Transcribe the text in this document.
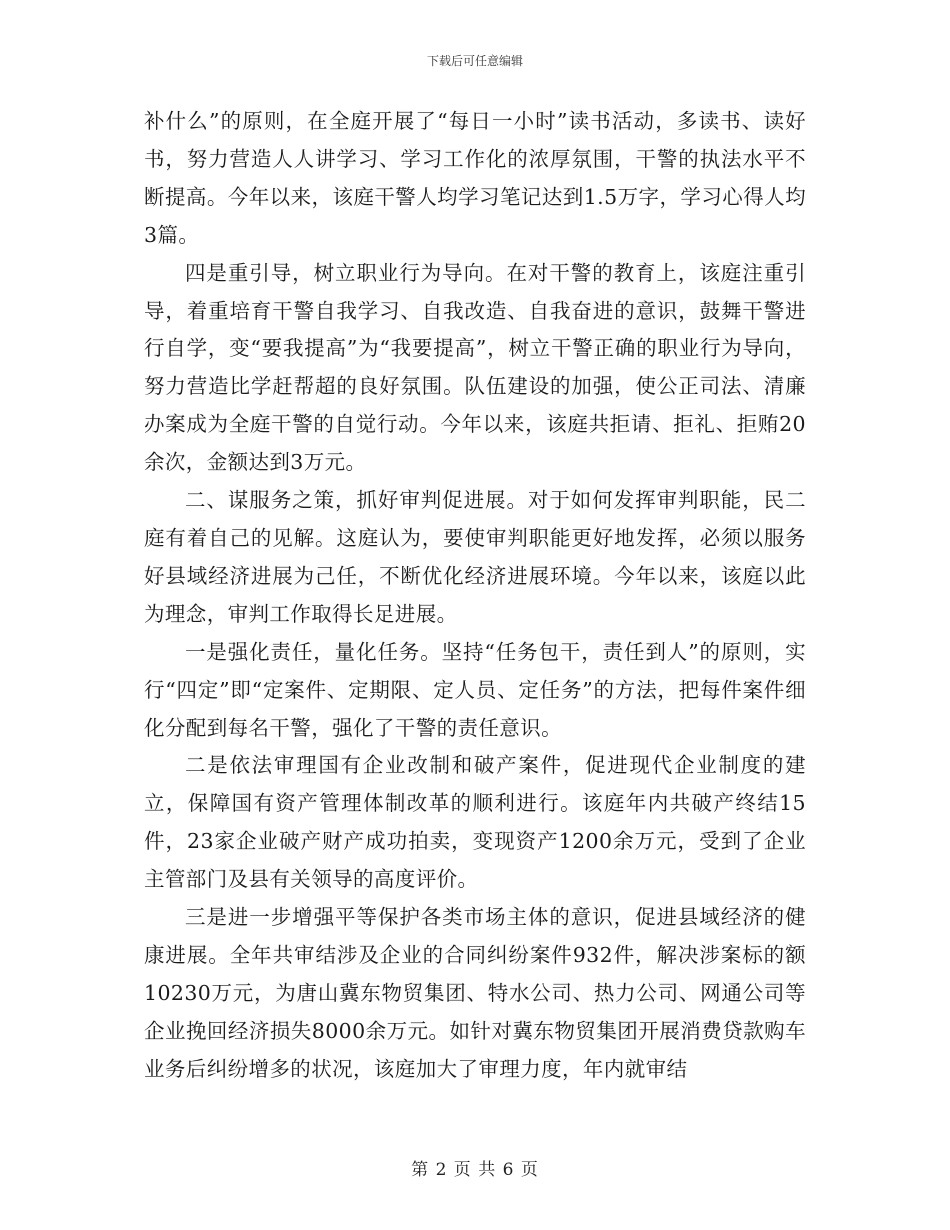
下载后可任意编辑

补什么”的原则，在全庭开展了“每日一小时”读书活动，多读书、读好书，努力营造人人讲学习、学习工作化的浓厚氛围，干警的执法水平不断提高。今年以来，该庭干警人均学习笔记达到1.5万字，学习心得人均3篇。

四是重引导，树立职业行为导向。在对干警的教育上，该庭注重引导，着重培育干警自我学习、自我改造、自我奋进的意识，鼓舞干警进行自学，变“要我提高”为“我要提高”，树立干警正确的职业行为导向，努力营造比学赶帮超的良好氛围。队伍建设的加强，使公正司法、清廉办案成为全庭干警的自觉行动。今年以来，该庭共拒请、拒礼、拒贿20余次，金额达到3万元。

二、谋服务之策，抓好审判促进展。对于如何发挥审判职能，民二庭有着自己的见解。这庭认为，要使审判职能更好地发挥，必须以服务好县域经济进展为己任，不断优化经济进展环境。今年以来，该庭以此为理念，审判工作取得长足进展。

一是强化责任，量化任务。坚持“任务包干，责任到人”的原则，实行“四定”即“定案件、定期限、定人员、定任务”的方法，把每件案件细化分配到每名干警，强化了干警的责任意识。

二是依法审理国有企业改制和破产案件，促进现代企业制度的建立，保障国有资产管理体制改革的顺利进行。该庭年内共破产终结15件，23家企业破产财产成功拍卖，变现资产1200余万元，受到了企业主管部门及县有关领导的高度评价。

三是进一步增强平等保护各类市场主体的意识，促进县域经济的健康进展。全年共审结涉及企业的合同纠纷案件932件，解决涉案标的额10230万元，为唐山冀东物贸集团、特水公司、热力公司、网通公司等企业挽回经济损失8000余万元。如针对冀东物贸集团开展消费贷款购车业务后纠纷增多的状况，该庭加大了审理力度，年内就审结

第 2 页 共 6 页
